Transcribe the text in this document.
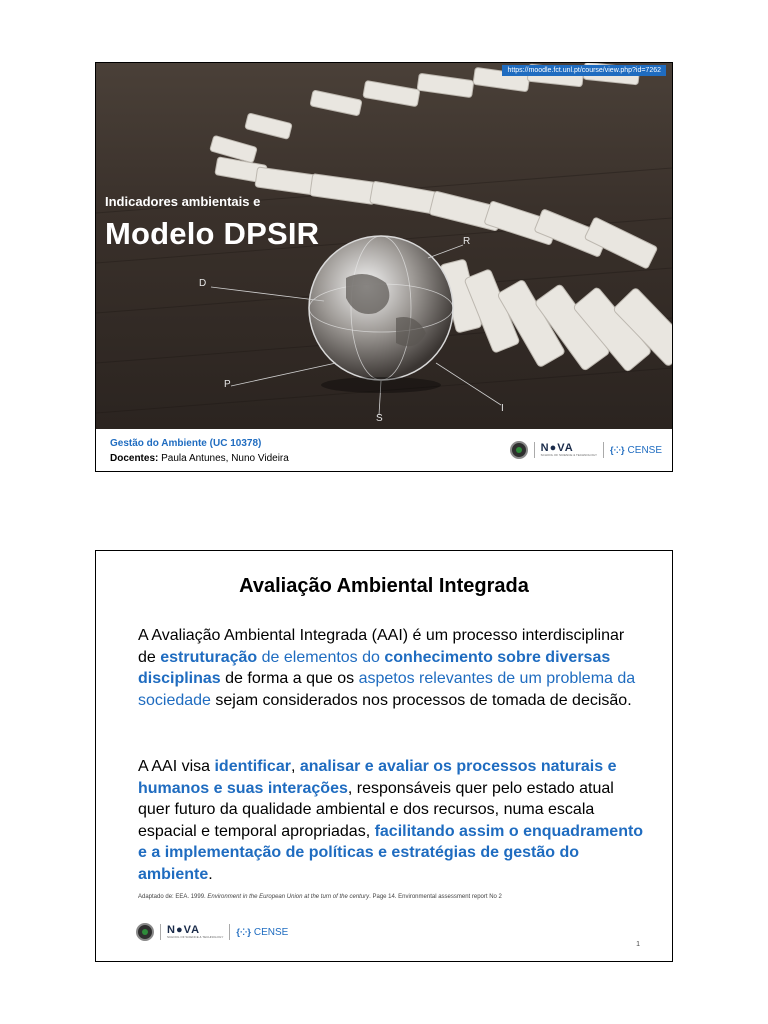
https://moodle.fct.unl.pt/course/view.php?id=7262
Indicadores ambientais e
Modelo DPSIR
D
P
S
I
R
Gestão do Ambiente (UC 10378)
Docentes: Paula Antunes, Nuno Videira
N●VA
SCHOOL OF SCIENCE & TECHNOLOGY
{⁘} CENSE
Avaliação Ambiental Integrada
A Avaliação Ambiental Integrada (AAI) é um processo interdisciplinar de estruturação de elementos do conhecimento sobre diversas disciplinas de forma a que os aspetos relevantes de um problema da sociedade sejam considerados nos processos de tomada de decisão.
A AAI visa identificar, analisar e avaliar os processos naturais e humanos e suas interações, responsáveis quer pelo estado atual quer futuro da qualidade ambiental e dos recursos, numa escala espacial e temporal apropriadas, facilitando assim o enquadramento e a implementação de políticas e estratégias de gestão do ambiente.
Adaptado de: EEA. 1999. Environment in the European Union at the turn of the century. Page 14. Environmental assessment report No 2
N●VA
SCHOOL OF SCIENCE & TECHNOLOGY
{⁘} CENSE
1
